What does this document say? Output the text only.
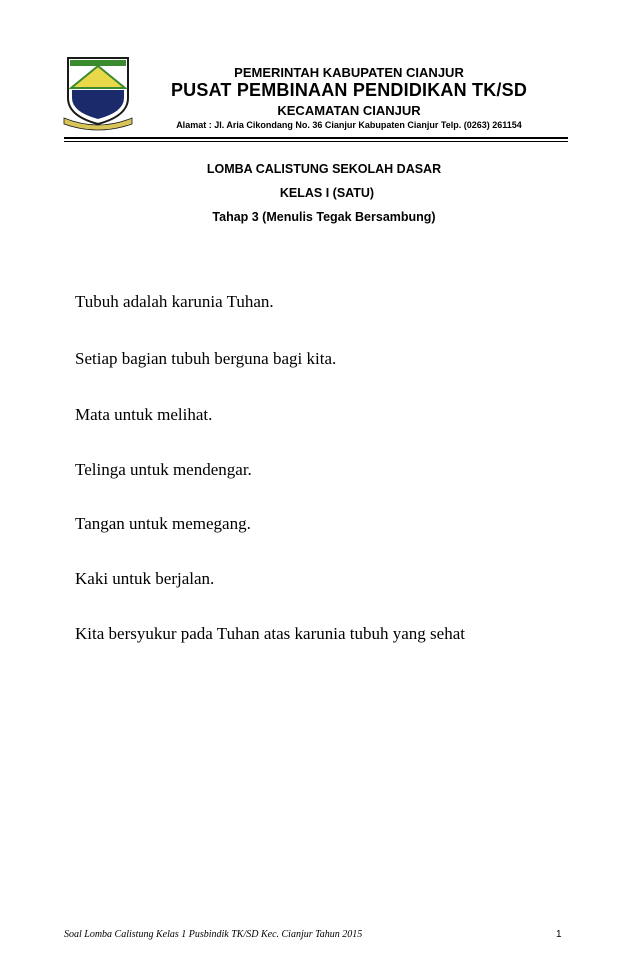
PEMERINTAH KABUPATEN CIANJUR
PUSAT PEMBINAAN PENDIDIKAN TK/SD
KECAMATAN CIANJUR
Alamat : Jl. Aria Cikondang No. 36 Cianjur Kabupaten Cianjur Telp. (0263) 261154
LOMBA CALISTUNG SEKOLAH DASAR
KELAS I (SATU)
Tahap 3 (Menulis Tegak Bersambung)
Tubuh adalah karunia Tuhan.
Setiap bagian tubuh berguna bagi kita.
Mata untuk melihat.
Telinga untuk mendengar.
Tangan untuk memegang.
Kaki untuk berjalan.
Kita bersyukur pada Tuhan atas karunia tubuh yang sehat
Soal Lomba Calistung Kelas 1 Pusbindik TK/SD Kec. Cianjur Tahun 2015	1
